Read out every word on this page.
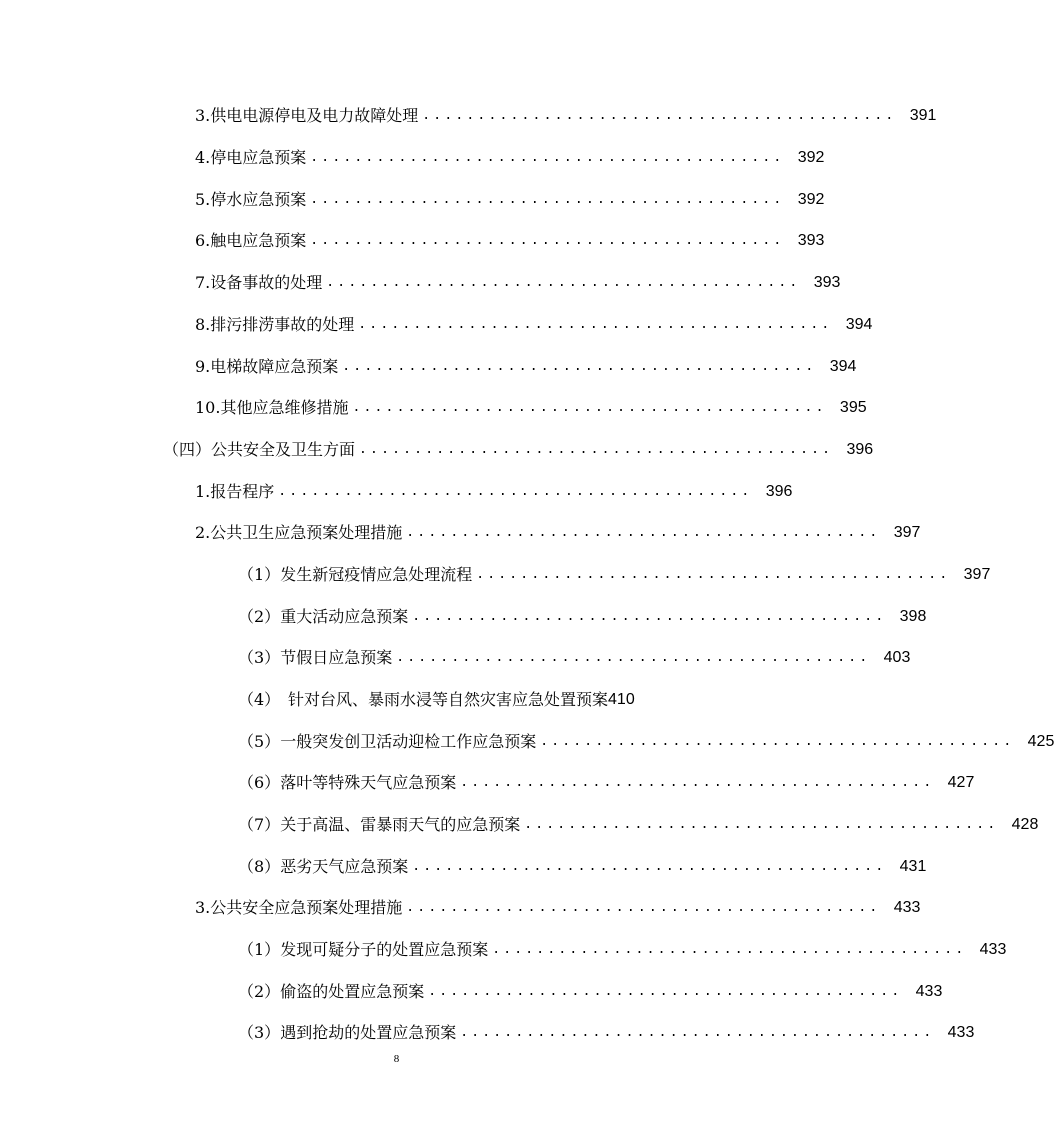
3. 供电电源停电及电力故障处理 ........................................... 391
4. 停电应急预案 ........................................... 392
5. 停水应急预案 ........................................... 392
6. 触电应急预案 ........................................... 393
7. 设备事故的处理 ........................................... 393
8. 排污排涝事故的处理 ........................................... 394
9. 电梯故障应急预案 ........................................... 394
10. 其他应急维修措施 ........................................... 395
（四） 公共安全及卫生方面 ........................................... 396
1. 报告程序 ........................................... 396
2. 公共卫生应急预案处理措施 ........................................... 397
（1） 发生新冠疫情应急处理流程 ........................................... 397
（2） 重大活动应急预案 ........................................... 398
（3） 节假日应急预案 ........................................... 403
（4） 针对台风、暴雨水浸等自然灾害应急处置预案 410
（5） 一般突发创卫活动迎检工作应急预案 ........................................... 425
（6） 落叶等特殊天气应急预案 ........................................... 427
（7） 关于高温、雷暴雨天气的应急预案 ........................................... 428
（8） 恶劣天气应急预案 ........................................... 431
3. 公共安全应急预案处理措施 ........................................... 433
（1） 发现可疑分子的处置应急预案 ........................................... 433
（2） 偷盗的处置应急预案 ........................................... 433
（3） 遇到抢劫的处置应急预案 ........................................... 433
8
